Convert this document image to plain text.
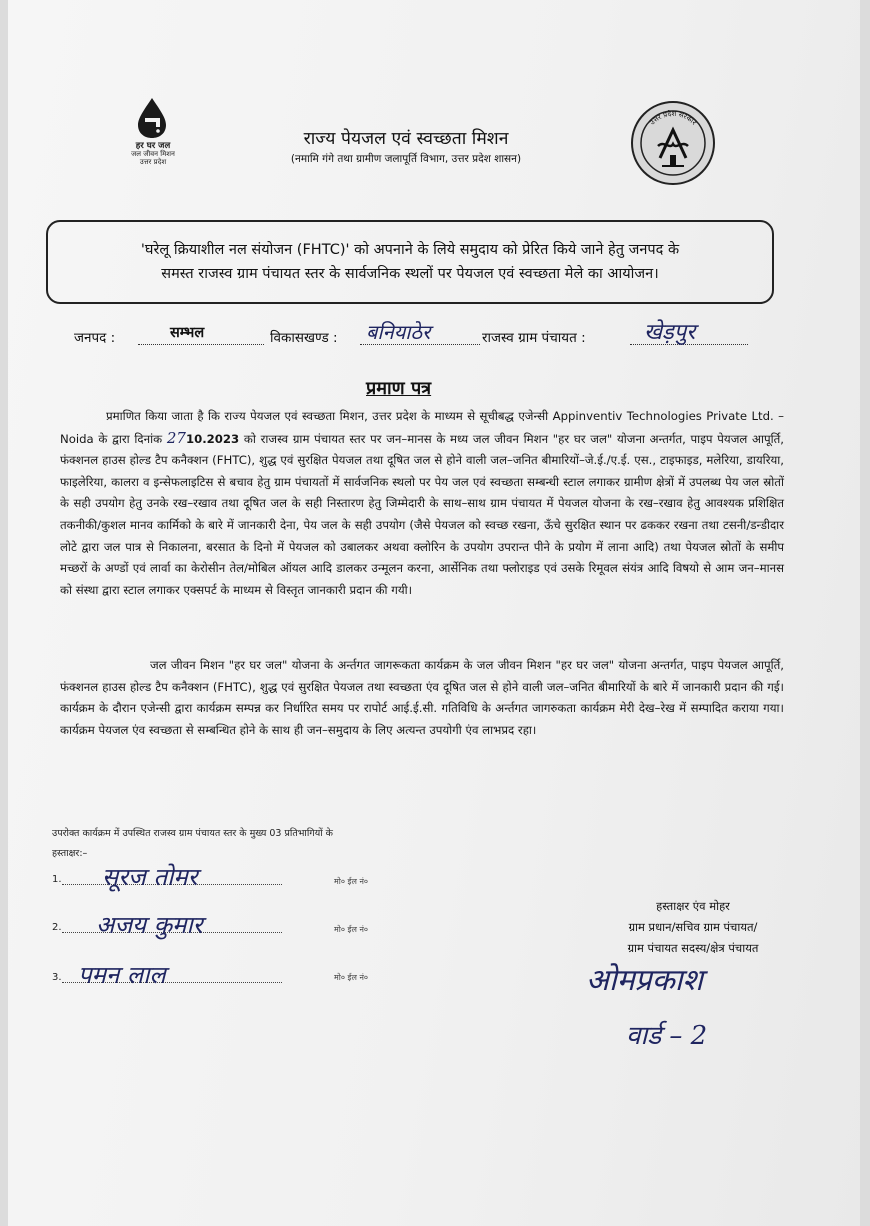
हर घर जल
जल जीवन मिशन
उत्तर प्रदेश
राज्य पेयजल एवं स्वच्छता मिशन
(नमामि गंगे तथा ग्रामीण जलापूर्ति विभाग, उत्तर प्रदेश शासन)
उत्तर प्रदेश सरकार
'घरेलू क्रियाशील नल संयोजन (FHTC)' को अपनाने के लिये समुदाय को प्रेरित किये जाने हेतु जनपद के
समस्त राजस्व ग्राम पंचायत स्तर के सार्वजनिक स्थलों पर पेयजल एवं स्वच्छता मेले का आयोजन।
जनपद :	सम्भल	विकासखण्ड : बनियाठेर	राजस्व ग्राम पंचायत :	खेड़पुर
प्रमाण पत्र
प्रमाणित किया जाता है कि राज्य पेयजल एवं स्वच्छता मिशन, उत्तर प्रदेश के माध्यम से सूचीबद्ध एजेन्सी Appinventiv Technologies Private Ltd. – Noida के द्वारा दिनांक 2710.2023 को राजस्व ग्राम पंचायत स्तर पर जन–मानस के मध्य जल जीवन मिशन "हर घर जल" योजना अन्तर्गत, पाइप पेयजल आपूर्ति, फंक्शनल हाउस होल्ड टैप कनैक्शन (FHTC), शुद्ध एवं सुरक्षित पेयजल तथा दूषित जल से होने वाली जल–जनित बीमारियों–जे.ई./ए.ई. एस., टाइफाइड, मलेरिया, डायरिया, फाइलेरिया, कालरा व इन्सेफलाइटिस से बचाव हेतु ग्राम पंचायतों में सार्वजनिक स्थलो पर पेय जल एवं स्वच्छता सम्बन्धी स्टाल लगाकर ग्रामीण क्षेत्रों में उपलब्ध पेय जल स्रोतों के सही उपयोग हेतु उनके रख–रखाव तथा दूषित जल के सही निस्तारण हेतु जिम्मेदारी के साथ–साथ ग्राम पंचायत में पेयजल योजना के रख–रखाव हेतु आवश्यक प्रशिक्षित तकनीकी/कुशल मानव कार्मिको के बारे में जानकारी देना, पेय जल के सही उपयोग (जैसे पेयजल को स्वच्छ रखना, ऊँचे सुरक्षित स्थान पर ढककर रखना तथा टसनी/डन्डीदार लोटे द्वारा जल पात्र से निकालना, बरसात के दिनो में पेयजल को उबालकर अथवा क्लोरिन के उपयोग उपरान्त पीने के प्रयोग में लाना आदि) तथा पेयजल स्रोतों के समीप मच्छरों के अण्डों एवं लार्वा का केरोसीन तेल/मोबिल ऑयल आदि डालकर उन्मूलन करना, आर्सेनिक तथा फ्लोराइड एवं उसके रिमूवल संयंत्र आदि विषयो से आम जन–मानस को संस्था द्वारा स्टाल लगाकर एक्सपर्ट के माध्यम से विस्तृत जानकारी प्रदान की गयी।
जल जीवन मिशन "हर घर जल" योजना के अर्न्तगत जागरूकता कार्यक्रम के जल जीवन मिशन "हर घर जल" योजना अन्तर्गत, पाइप पेयजल आपूर्ति, फंक्शनल हाउस होल्ड टैप कनैक्शन (FHTC), शुद्ध एवं सुरक्षित पेयजल तथा स्वच्छता एंव दूषित जल से होने वाली जल–जनित बीमारियों के बारे में जानकारी प्रदान की गई। कार्यक्रम के दौरान एजेन्सी द्वारा कार्यक्रम सम्पन्न कर निर्धारित समय पर रापोर्ट आई.ई.सी. गतिविधि के अर्न्तगत जागरुकता कार्यक्रम मेरी देख–रेख में सम्पादित कराया गया। कार्यक्रम पेयजल एंव स्वच्छता से सम्बन्धित होने के साथ ही जन–समुदाय के लिए अत्यन्त उपयोगी एंव लाभप्रद रहा।
उपरोक्त कार्यक्रम में उपस्थित राजस्व ग्राम पंचायत स्तर के मुख्य 03 प्रतिभागियों के
हस्ताक्षर:–
1. सूरज तोमर	मो० ईल नं०
2. अजय कुमार	मो० ईल नं०
3. पमन लाल	मो० ईल नं०
हस्ताक्षर एंव मोहर
ग्राम प्रधान/सचिव ग्राम पंचायत/
ग्राम पंचायत सदस्य/क्षेत्र पंचायत
ओमप्रकाश
वार्ड – 2
